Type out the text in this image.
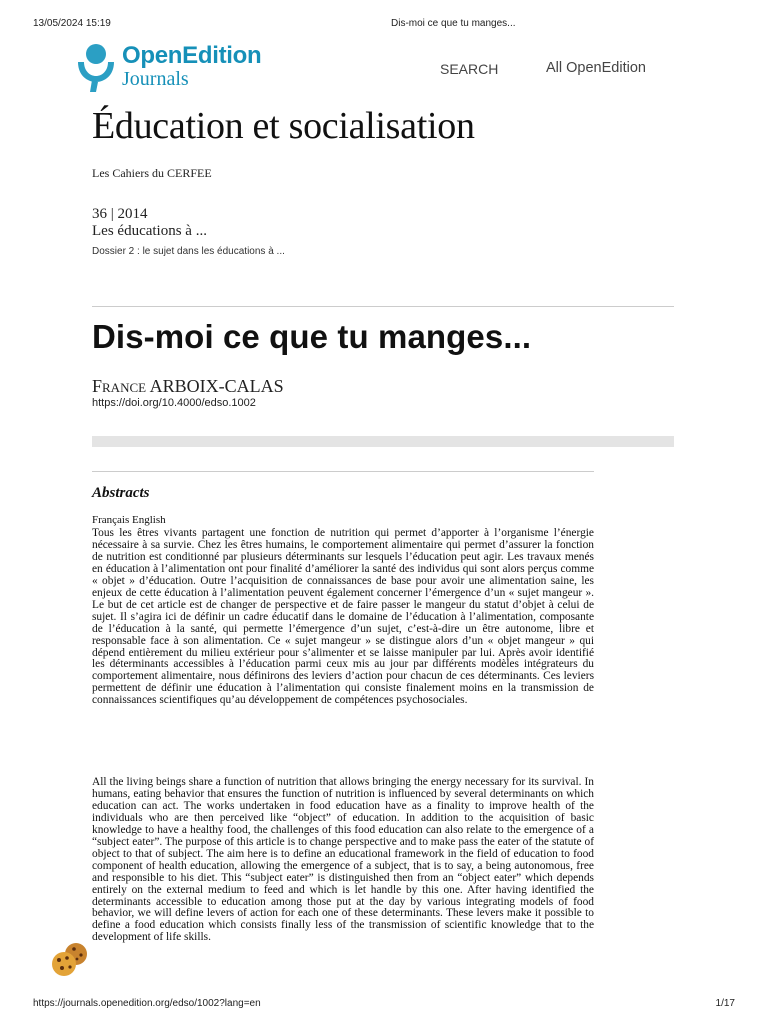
13/05/2024 15:19	Dis-moi ce que tu manges...
OpenEdition
Journals	SEARCH	All OpenEdition
Éducation et socialisation
Les Cahiers du CERFEE
36 | 2014
Les éducations à ...
Dossier 2 : le sujet dans les éducations à ...
Dis-moi ce que tu manges...
France ARBOIX-CALAS
https://doi.org/10.4000/edso.1002
Abstracts
Français English

Tous les êtres vivants partagent une fonction de nutrition qui permet d’apporter à l’organisme l’énergie nécessaire à sa survie. Chez les êtres humains, le comportement alimentaire qui permet d’assurer la fonction de nutrition est conditionné par plusieurs déterminants sur lesquels l’éducation peut agir. Les travaux menés en éducation à l’alimentation ont pour finalité d’améliorer la santé des individus qui sont alors perçus comme « objet » d’éducation. Outre l’acquisition de connaissances de base pour avoir une alimentation saine, les enjeux de cette éducation à l’alimentation peuvent également concerner l’émergence d’un « sujet mangeur ». Le but de cet article est de changer de perspective et de faire passer le mangeur du statut d’objet à celui de sujet. Il s’agira ici de définir un cadre éducatif dans le domaine de l’éducation à l’alimentation, composante de l’éducation à la santé, qui permette l’émergence d’un sujet, c’est-à-dire un être autonome, libre et responsable face à son alimentation. Ce « sujet mangeur » se distingue alors d’un « objet mangeur » qui dépend entièrement du milieu extérieur pour s’alimenter et se laisse manipuler par lui. Après avoir identifié les déterminants accessibles à l’éducation parmi ceux mis au jour par différents modèles intégrateurs du comportement alimentaire, nous définirons des leviers d’action pour chacun de ces déterminants. Ces leviers permettent de définir une éducation à l’alimentation qui consiste finalement moins en la transmission de connaissances scientifiques qu’au développement de compétences psychosociales.

All the living beings share a function of nutrition that allows bringing the energy necessary for its survival. In humans, eating behavior that ensures the function of nutrition is influenced by several determinants on which education can act. The works undertaken in food education have as a finality to improve health of the individuals who are then perceived like “object” of education. In addition to the acquisition of basic knowledge to have a healthy food, the challenges of this food education can also relate to the emergence of a “subject eater”. The purpose of this article is to change perspective and to make pass the eater of the statute of object to that of subject. The aim here is to define an educational framework in the field of education to food component of health education, allowing the emergence of a subject, that is to say, a being autonomous, free and responsible to his diet. This “subject eater” is distinguished then from an “object eater” which depends entirely on the external medium to feed and which is let handle by this one. After having identified the determinants accessible to education among those put at the day by various integrating models of food behavior, we will define levers of action for each one of these determinants. These levers make it possible to define a food education which consists finally less of the transmission of scientific knowledge that to the development of life skills.

https://journals.openedition.org/edso/1002?lang=en	1/17
